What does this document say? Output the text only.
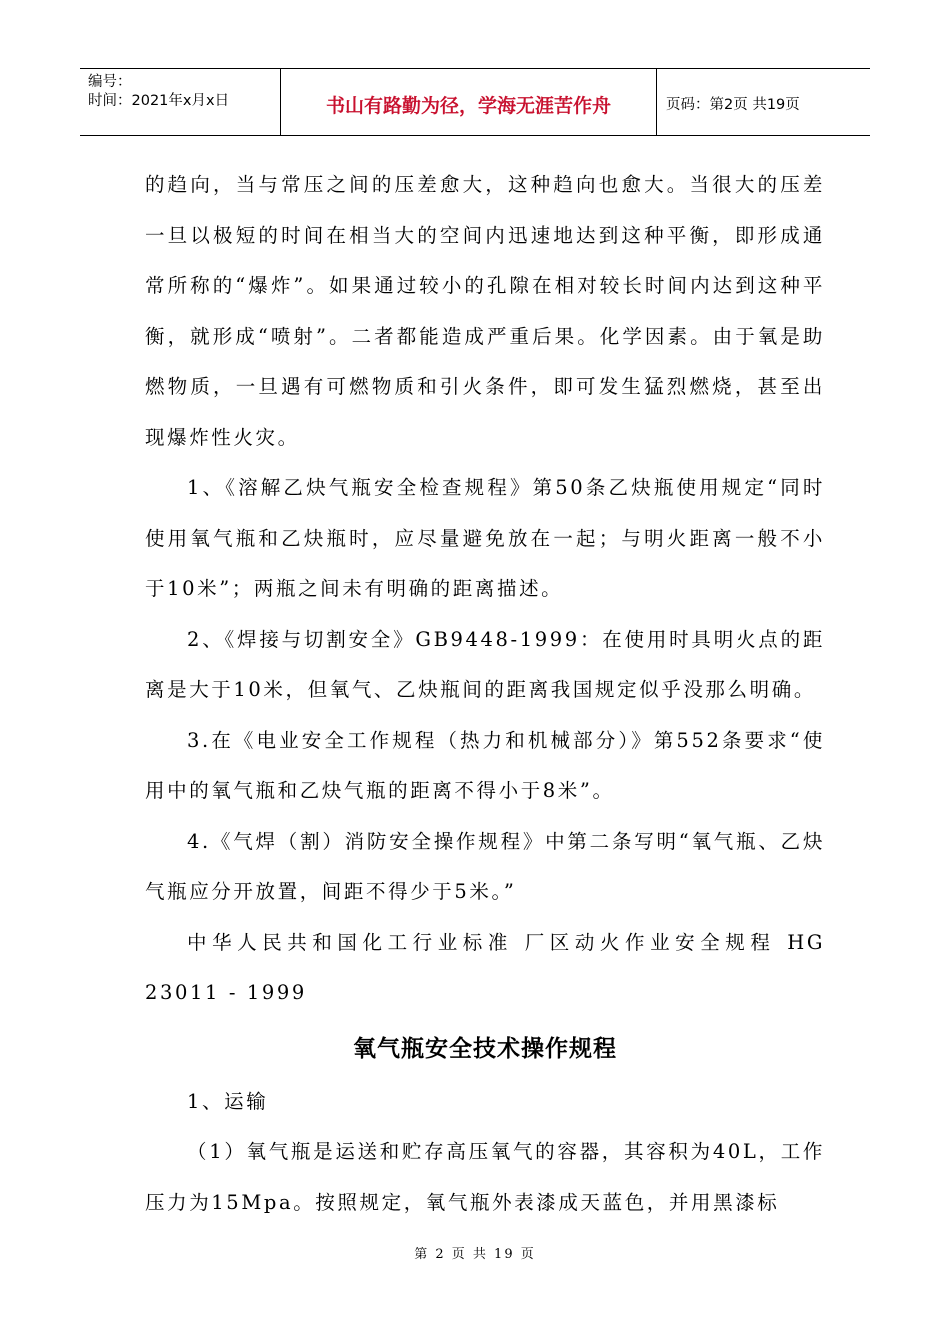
编号：
时间：2021年x月x日	书山有路勤为径，学海无涯苦作舟	页码：第2页 共19页

的趋向，当与常压之间的压差愈大，这种趋向也愈大。当很大的压差一旦以极短的时间在相当大的空间内迅速地达到这种平衡，即形成通常所称的“爆炸”。如果通过较小的孔隙在相对较长时间内达到这种平衡，就形成“喷射”。二者都能造成严重后果。化学因素。由于氧是助燃物质，一旦遇有可燃物质和引火条件，即可发生猛烈燃烧，甚至出现爆炸性火灾。

1、《溶解乙炔气瓶安全检查规程》第50条乙炔瓶使用规定“同时使用氧气瓶和乙炔瓶时，应尽量避免放在一起；与明火距离一般不小于10米”；两瓶之间未有明确的距离描述。

2、《焊接与切割安全》GB9448-1999：在使用时具明火点的距离是大于10米，但氧气、乙炔瓶间的距离我国规定似乎没那么明确。

3.在《电业安全工作规程（热力和机械部分）》第552条要求“使用中的氧气瓶和乙炔气瓶的距离不得小于8米”。

4.《气焊（割）消防安全操作规程》中第二条写明“氧气瓶、乙炔气瓶应分开放置，间距不得少于5米。”

中华人民共和国化工行业标准 厂区动火作业安全规程 HG 23011 - 1999

氧气瓶安全技术操作规程

1、运输

（1）氧气瓶是运送和贮存高压氧气的容器，其容积为40L，工作压力为15Mpa。按照规定，氧气瓶外表漆成天蓝色，并用黑漆标

第 2 页 共 19 页
